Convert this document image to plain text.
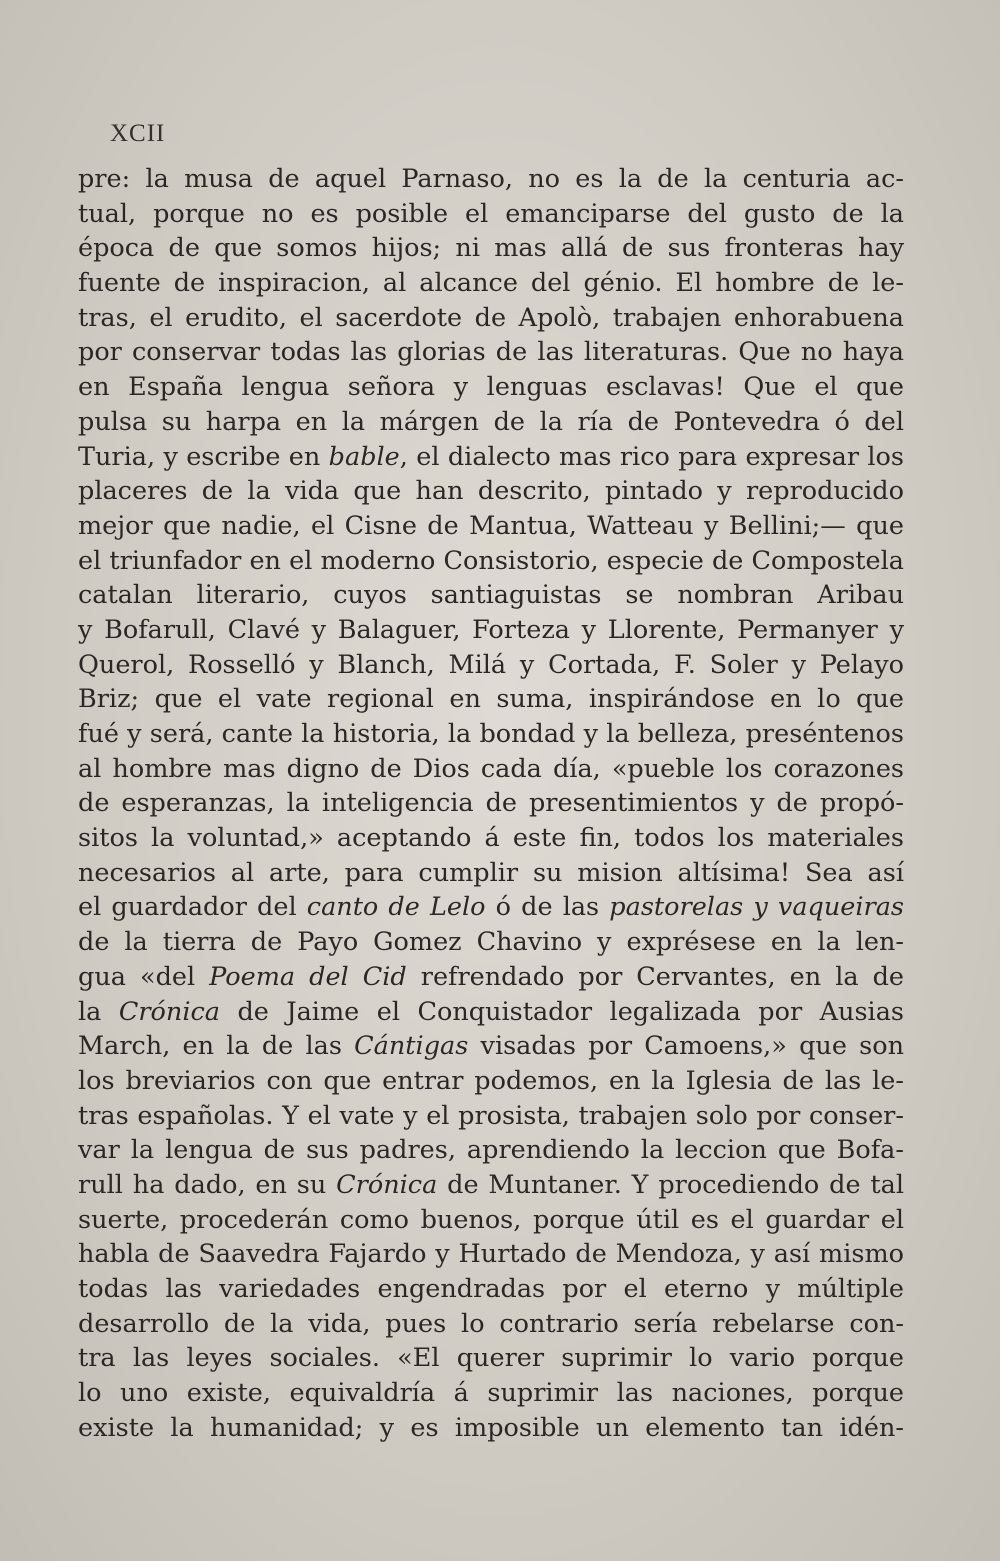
XCII
pre: la musa de aquel Parnaso, no es la de la centuria ac-
tual, porque no es posible el emanciparse del gusto de la
época de que somos hijos; ni mas allá de sus fronteras hay
fuente de inspiracion, al alcance del génio. El hombre de le-
tras, el erudito, el sacerdote de Apolò, trabajen enhorabuena
por conservar todas las glorias de las literaturas. Que no haya
en España lengua señora y lenguas esclavas! Que el que
pulsa su harpa en la márgen de la ría de Pontevedra ó del
Turia, y escribe en bable, el dialecto mas rico para expresar los
placeres de la vida que han descrito, pintado y reproducido
mejor que nadie, el Cisne de Mantua, Watteau y Bellini;— que
el triunfador en el moderno Consistorio, especie de Compostela
catalan literario, cuyos santiaguistas se nombran Aribau
y Bofarull, Clavé y Balaguer, Forteza y Llorente, Permanyer y
Querol, Rosselló y Blanch, Milá y Cortada, F. Soler y Pelayo
Briz; que el vate regional en suma, inspirándose en lo que
fué y será, cante la historia, la bondad y la belleza, preséntenos
al hombre mas digno de Dios cada día, «pueble los corazones
de esperanzas, la inteligencia de presentimientos y de propó-
sitos la voluntad,» aceptando á este fin, todos los materiales
necesarios al arte, para cumplir su mision altísima! Sea así
el guardador del canto de Lelo ó de las pastorelas y vaqueiras
de la tierra de Payo Gomez Chavino y exprésese en la len-
gua «del Poema del Cid refrendado por Cervantes, en la de
la Crónica de Jaime el Conquistador legalizada por Ausias
March, en la de las Cántigas visadas por Camoens,» que son
los breviarios con que entrar podemos, en la Iglesia de las le-
tras españolas. Y el vate y el prosista, trabajen solo por conser-
var la lengua de sus padres, aprendiendo la leccion que Bofa-
rull ha dado, en su Crónica de Muntaner. Y procediendo de tal
suerte, procederán como buenos, porque útil es el guardar el
habla de Saavedra Fajardo y Hurtado de Mendoza, y así mismo
todas las variedades engendradas por el eterno y múltiple
desarrollo de la vida, pues lo contrario sería rebelarse con-
tra las leyes sociales. «El querer suprimir lo vario porque
lo uno existe, equivaldría á suprimir las naciones, porque
existe la humanidad; y es imposible un elemento tan idén-
